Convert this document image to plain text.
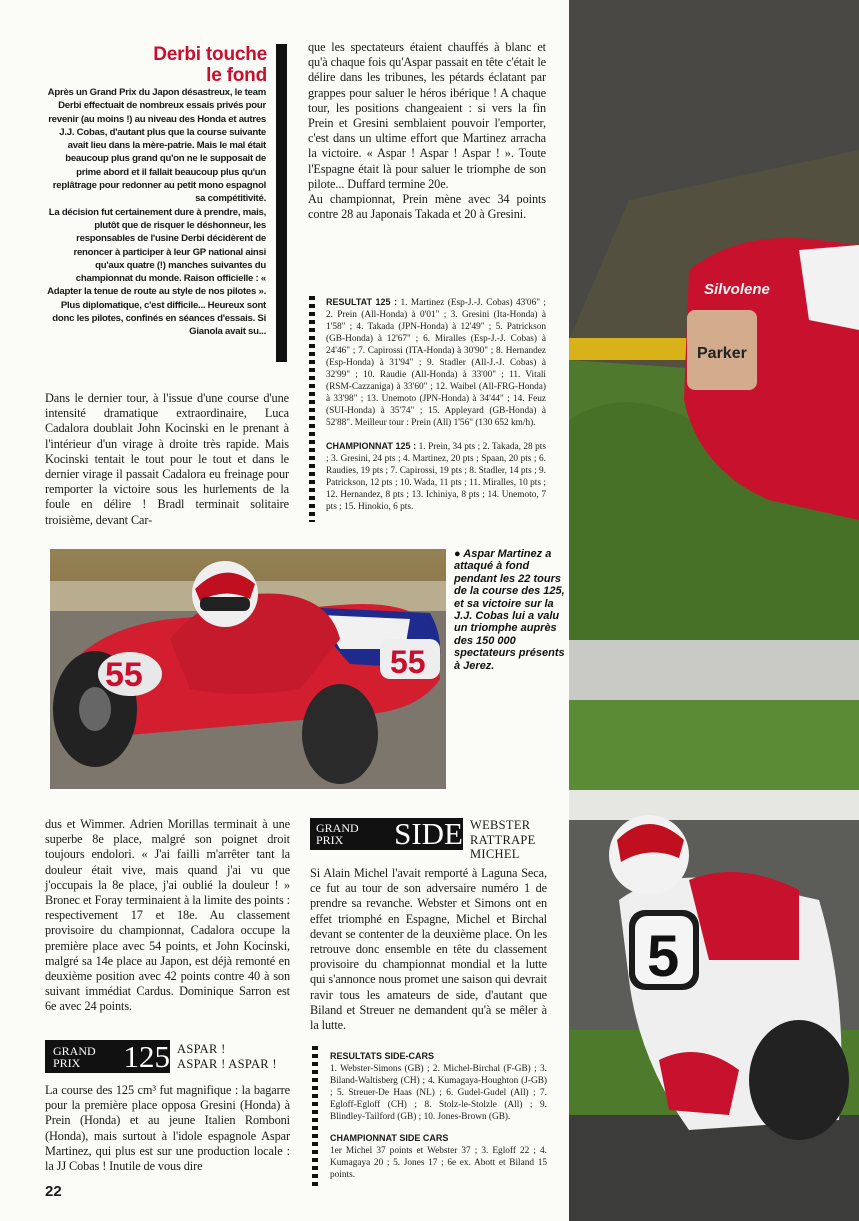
Derbi touche
le fond

Après un Grand Prix du Japon désastreux, le team Derbi effectuait de nombreux essais privés pour revenir (au moins !) au niveau des Honda et autres J.J. Cobas, d'autant plus que la course suivante avait lieu dans la mère-patrie. Mais le mal était beaucoup plus grand qu'on ne le supposait de prime abord et il fallait beaucoup plus qu'un replâtrage pour redonner au petit mono espagnol sa compétitivité.

La décision fut certainement dure à prendre, mais, plutôt que de risquer le déshonneur, les responsables de l'usine Derbi décidèrent de renoncer à participer à leur GP national ainsi qu'aux quatre (!) manches suivantes du championnat du monde. Raison officielle : « Adapter la tenue de route au style de nos pilotes ». Plus diplomatique, c'est difficile... Heureux sont donc les pilotes, confinés en séances d'essais. Si Gianola avait su...

Dans le dernier tour, à l'issue d'une course d'une intensité dramatique extraordinaire, Luca Cadalora doublait John Kocinski en le prenant à l'intérieur d'un virage à droite très rapide. Mais Kocinski tentait le tout pour le tout et dans le dernier virage il passait Cadalora eu freinage pour remporter la victoire sous les hurlements de la foule en délire ! Bradl terminait solitaire troisième, devant Car-

que les spectateurs étaient chauffés à blanc et qu'à chaque fois qu'Aspar passait en tête c'était le délire dans les tribunes, les pétards éclatant par grappes pour saluer le héros ibérique ! A chaque tour, les positions changeaient : si vers la fin Prein et Gresini semblaient pouvoir l'emporter, c'est dans un ultime effort que Martinez arracha la victoire. « Aspar ! Aspar ! Aspar ! ». Toute l'Espagne était là pour saluer le triomphe de son pilote... Duffard termine 20e.

Au championnat, Prein mène avec 34 points contre 28 au Japonais Takada et 20 à Gresini.

RESULTAT 125 : 1. Martinez (Esp-J.-J. Cobas) 43'06" ; 2. Prein (All-Honda) à 0'01" ; 3. Gresini (Ita-Honda) à 1'58" ; 4. Takada (JPN-Honda) à 12'49" ; 5. Patrickson (GB-Honda) à 12'67" ; 6. Miralles (Esp-J.-J. Cobas) à 24'46" ; 7. Capirossi (ITA-Honda) à 30'90" ; 8. Hernandez (Esp-Honda) à 31'94" ; 9. Stadler (All-J.-J. Cobas) à 32'99" ; 10. Raudie (All-Honda) à 33'00" ; 11. Vitali (RSM-Cazzaniga) à 33'60" ; 12. Waibel (All-FRG-Honda) à 33'98" ; 13. Unemoto (JPN-Honda) à 34'44" ; 14. Feuz (SUI-Honda) à 35'74" ; 15. Appleyard (GB-Honda) à 52'88". Meilleur tour : Prein (All) 1'56" (130 652 km/h).

CHAMPIONNAT 125 : 1. Prein, 34 pts ; 2. Takada, 28 pts ; 3. Gresini, 24 pts ; 4. Martinez, 20 pts ; Spaan, 20 pts ; 6. Raudies, 19 pts ; 7. Capirossi, 19 pts ; 8. Stadler, 14 pts ; 9. Patrickson, 12 pts ; 10. Wada, 11 pts ; 11. Miralles, 10 pts ; 12. Hernandez, 8 pts ; 13. Ichiniya, 8 pts ; 14. Unemoto, 7 pts ; 15. Hinokio, 6 pts.

55	55
● Aspar Martinez a attaqué à fond pendant les 22 tours de la course des 125, et sa victoire sur la J.J. Cobas lui a valu un triomphe auprès des 150 000 spectateurs présents à Jerez.
Silvolene
Parker
5

dus et Wimmer. Adrien Morillas terminait à une superbe 8e place, malgré son poignet droit toujours endolori. « J'ai failli m'arrêter tant la douleur était vive, mais quand j'ai vu que j'occupais la 8e place, j'ai oublié la douleur ! » Bronec et Foray terminaient à la limite des points : respectivement 17 et 18e. Au classement provisoire du championnat, Cadalora occupe la première place avec 54 points, et John Kocinski, malgré sa 14e place au Japon, est déjà remonté en deuxième position avec 42 points contre 40 à son suivant immédiat Cardus. Dominique Sarron est 6e avec 24 points.

GRAND PRIX	125 ASPAR !
ASPAR ! ASPAR !

La course des 125 cm³ fut magnifique : la bagarre pour la première place opposa Gresini (Honda) à Prein (Honda) et au jeune Italien Romboni (Honda), mais surtout à l'idole espagnole Aspar Martinez, qui plus est sur une production locale : la JJ Cobas ! Inutile de vous dire

GRAND PRIX	SIDE WEBSTER
RATTRAPE
MICHEL

Si Alain Michel l'avait remporté à Laguna Seca, ce fut au tour de son adversaire numéro 1 de prendre sa revanche. Webster et Simons ont en effet triomphé en Espagne, Michel et Birchal devant se contenter de la deuxième place. On les retrouve donc ensemble en tête du classement provisoire du championnat mondial et la lutte qui s'annonce nous promet une saison qui devrait ravir tous les amateurs de side, d'autant que Biland et Streuer ne demandent qu'à se mêler à la lutte.

RESULTATS SIDE-CARS

1. Webster-Simons (GB) ; 2. Michel-Birchal (F-GB) ; 3. Biland-Waltisberg (CH) ; 4. Kumagaya-Houghton (J-GB) ; 5. Streuer-De Haas (NL) ; 6. Gudel-Gudel (All) ; 7. Egloff-Egloff (CH) ; 8. Stolz-le-Stolzle (All) ; 9. Blindley-Tailford (GB) ; 10. Jones-Brown (GB).

CHAMPIONNAT SIDE CARS

1er Michel 37 points et Webster 37 ; 3. Egloff 22 ; 4. Kumagaya 20 ; 5. Jones 17 ; 6e ex. Abott et Biland 15 points.

22
